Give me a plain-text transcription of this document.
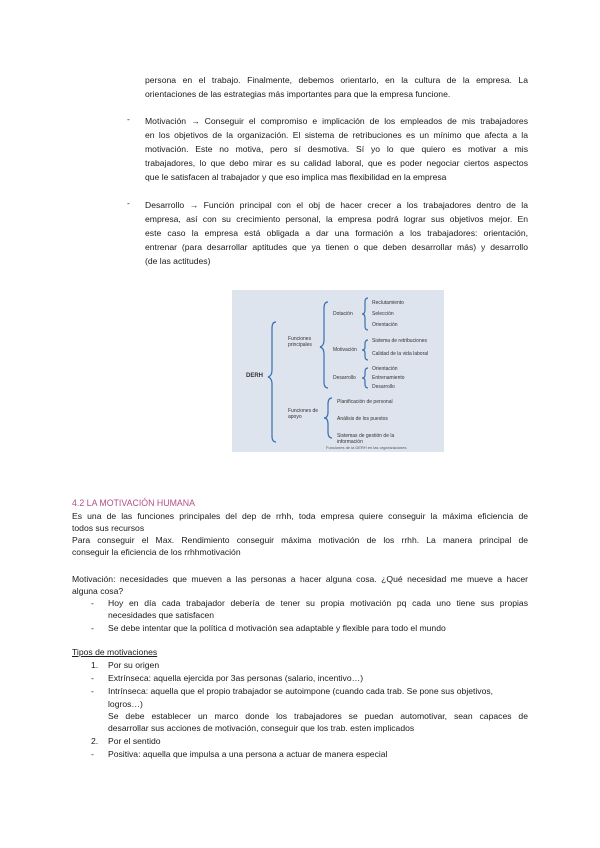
persona en el trabajo. Finalmente, debemos orientarlo, en la cultura de la empresa. La
orientaciones de las estrategias más importantes para que la empresa funcione.
- Motivación → Conseguir el compromiso e implicación de los empleados de mis trabajadores
en los objetivos de la organización. El sistema de retribuciones es un mínimo que afecta a la
motivación. Este no motiva, pero sí desmotiva. Sí yo lo que quiero es motivar a mis
trabajadores, lo que debo mirar es su calidad laboral, que es poder negociar ciertos aspectos
que le satisfacen al trabajador y que eso implica mas flexibilidad en la empresa
- Desarrollo → Función principal con el obj de hacer crecer a los trabajadores dentro de la
empresa, así con su crecimiento personal, la empresa podrá lograr sus objetivos mejor. En
este caso la empresa está obligada a dar una formación a los trabajadores: orientación,
entrenar (para desarrollar aptitudes que ya tienen o que deben desarrollar más) y desarrollo
(de las actitudes)
DERH
Funciones principales
Funciones de apoyo
Dotación
Motivación
Desarrollo
Reclutamiento
Selección
Orientación
Sistema de retribuciones
Calidad de la vida laboral
Orientación
Entrenamiento
Desarrollo
Planificación de personal
Análisis de los puestos
Sistemas de gestión de la información
Funciones de la DERH en las organizaciones
4.2 LA MOTIVACIÓN HUMANA
Es una de las funciones principales del dep de rrhh, toda empresa quiere conseguir la máxima eficiencia de
todos sus recursos
Para conseguir el Max. Rendimiento conseguir máxima motivación de los rrhh. La manera principal de
conseguir la eficiencia de los rrhhmotivación
Motivación: necesidades que mueven a las personas a hacer alguna cosa. ¿Qué necesidad me mueve a hacer
alguna cosa?
- Hoy en día cada trabajador debería de tener su propia motivación pq cada uno tiene sus propias
necesidades que satisfacen
- Se debe intentar que la política d motivación sea adaptable y flexible para todo el mundo
Tipos de motivaciones
1. Por su origen
- Extrínseca: aquella ejercida por 3as personas (salario, incentivo…)
- Intrínseca: aquella que el propio trabajador se autoimpone (cuando cada trab. Se pone sus objetivos,
logros…)
Se debe establecer un marco donde los trabajadores se puedan automotivar, sean capaces de
desarrollar sus acciones de motivación, conseguir que los trab. esten implicados
2. Por el sentido
- Positiva: aquella que impulsa a una persona a actuar de manera especial
